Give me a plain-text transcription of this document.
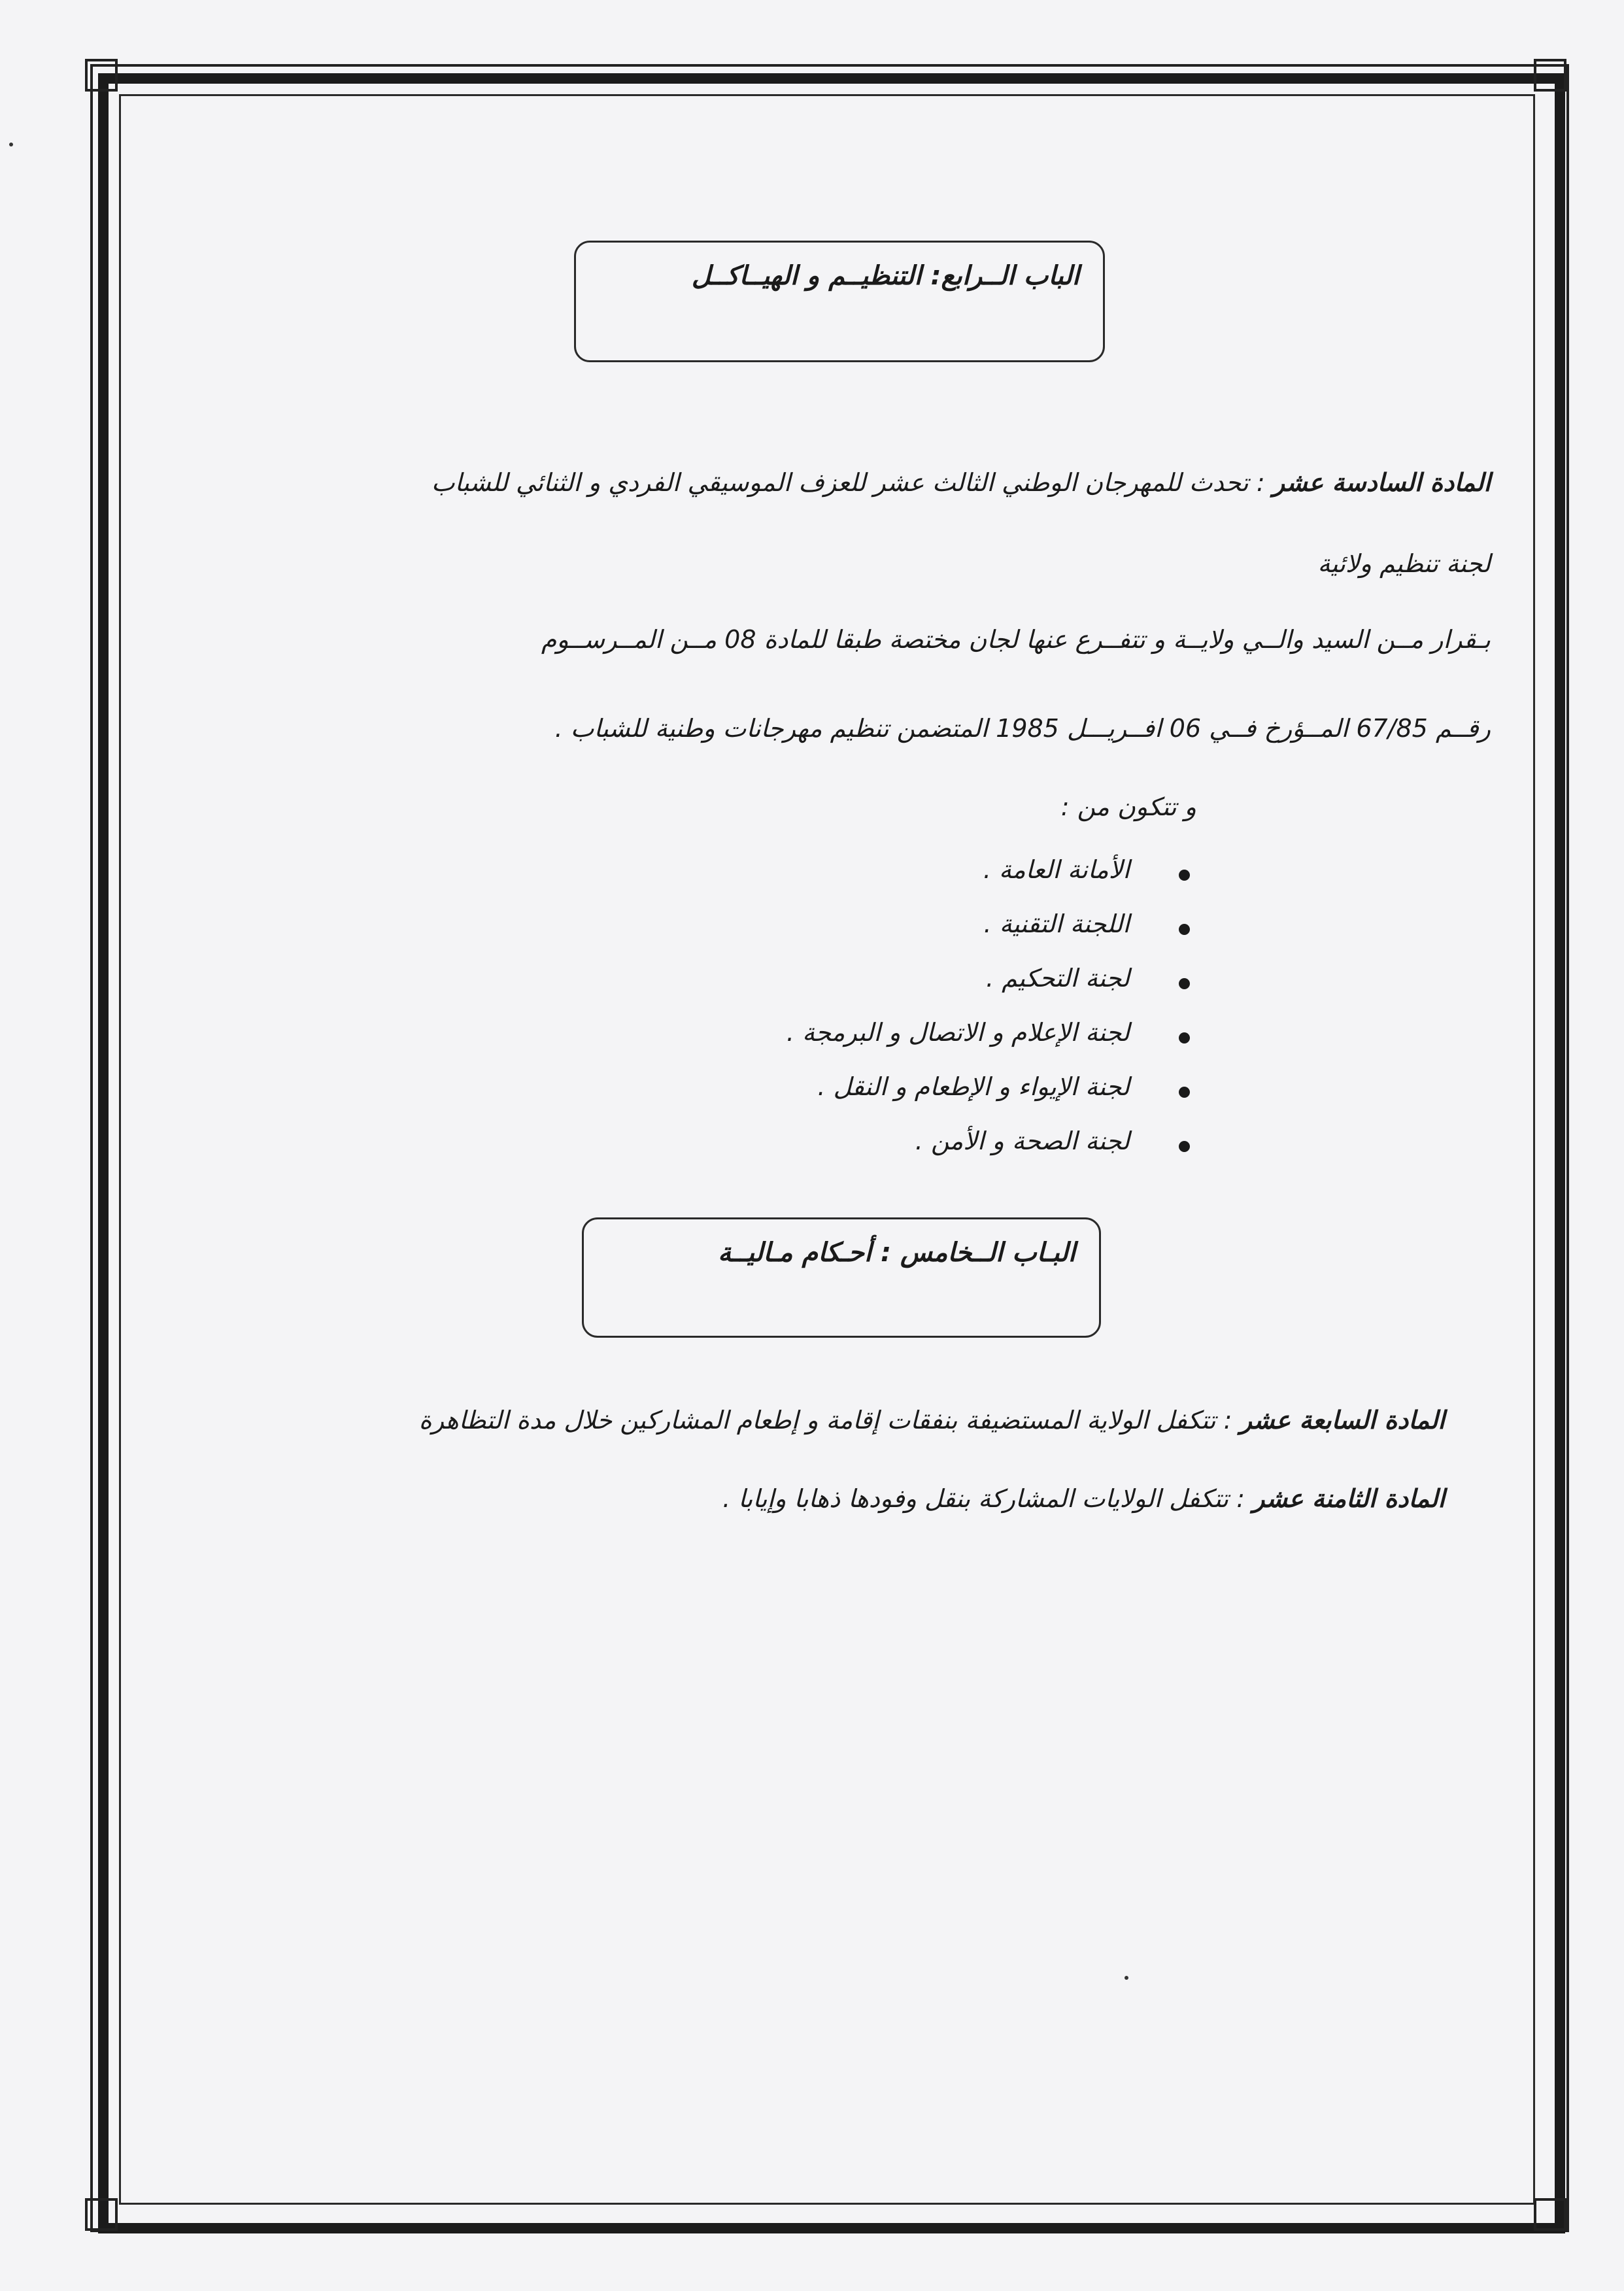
الباب الــرابع: التنظيــم و الهيــاكــل
المادة السادسة عشر : تحدث للمهرجان الوطني الثالث عشر للعزف الموسيقي الفردي و الثنائي للشباب
لجنة تنظيم ولائية
بـقرار مــن السيد والــي ولايــة و تتفــرع عنها لجان مختصة طبقا للمادة 08 مــن المــرســوم
رقــم 67/85 المــؤرخ فــي 06 افــريـــل 1985 المتضمن تنظيم مهرجانات وطنية للشباب .
و تتكون من :
الأمانة العامة .
اللجنة التقنية .
لجنة التحكيم .
لجنة الإعلام و الاتصال و البرمجة .
لجنة الإيواء و الإطعام و النقل .
لجنة الصحة و الأمن .
البـاب الــخامس : أحـكام مـاليــة
المادة السابعة عشر : تتكفل الولاية المستضيفة بنفقات إقامة و إطعام المشاركين خلال مدة التظاهرة
المادة الثامنة عشر : تتكفل الولايات المشاركة بنقل وفودها ذهابا وإيابا .
